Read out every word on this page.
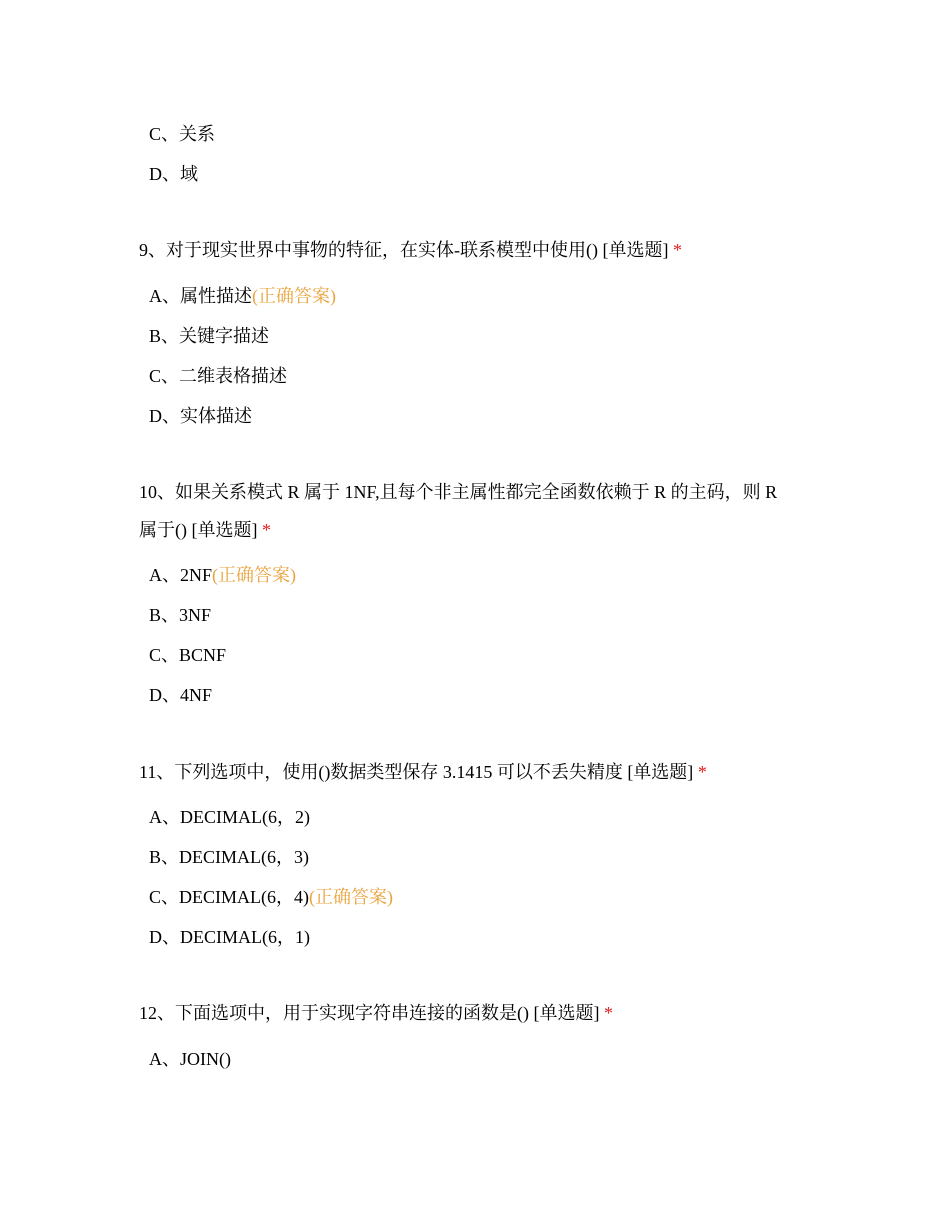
C、关系
D、域
9、对于现实世界中事物的特征，在实体-联系模型中使用() [单选题] *
A、属性描述(正确答案)
B、关键字描述
C、二维表格描述
D、实体描述
10、如果关系模式 R 属于 1NF,且每个非主属性都完全函数依赖于 R 的主码，则 R
属于() [单选题] *
A、2NF(正确答案)
B、3NF
C、BCNF
D、4NF
11、下列选项中，使用()数据类型保存 3.1415 可以不丢失精度 [单选题] *
A、DECIMAL(6，2)
B、DECIMAL(6，3)
C、DECIMAL(6，4)(正确答案)
D、DECIMAL(6，1)
12、下面选项中，用于实现字符串连接的函数是() [单选题] *
A、JOIN()
